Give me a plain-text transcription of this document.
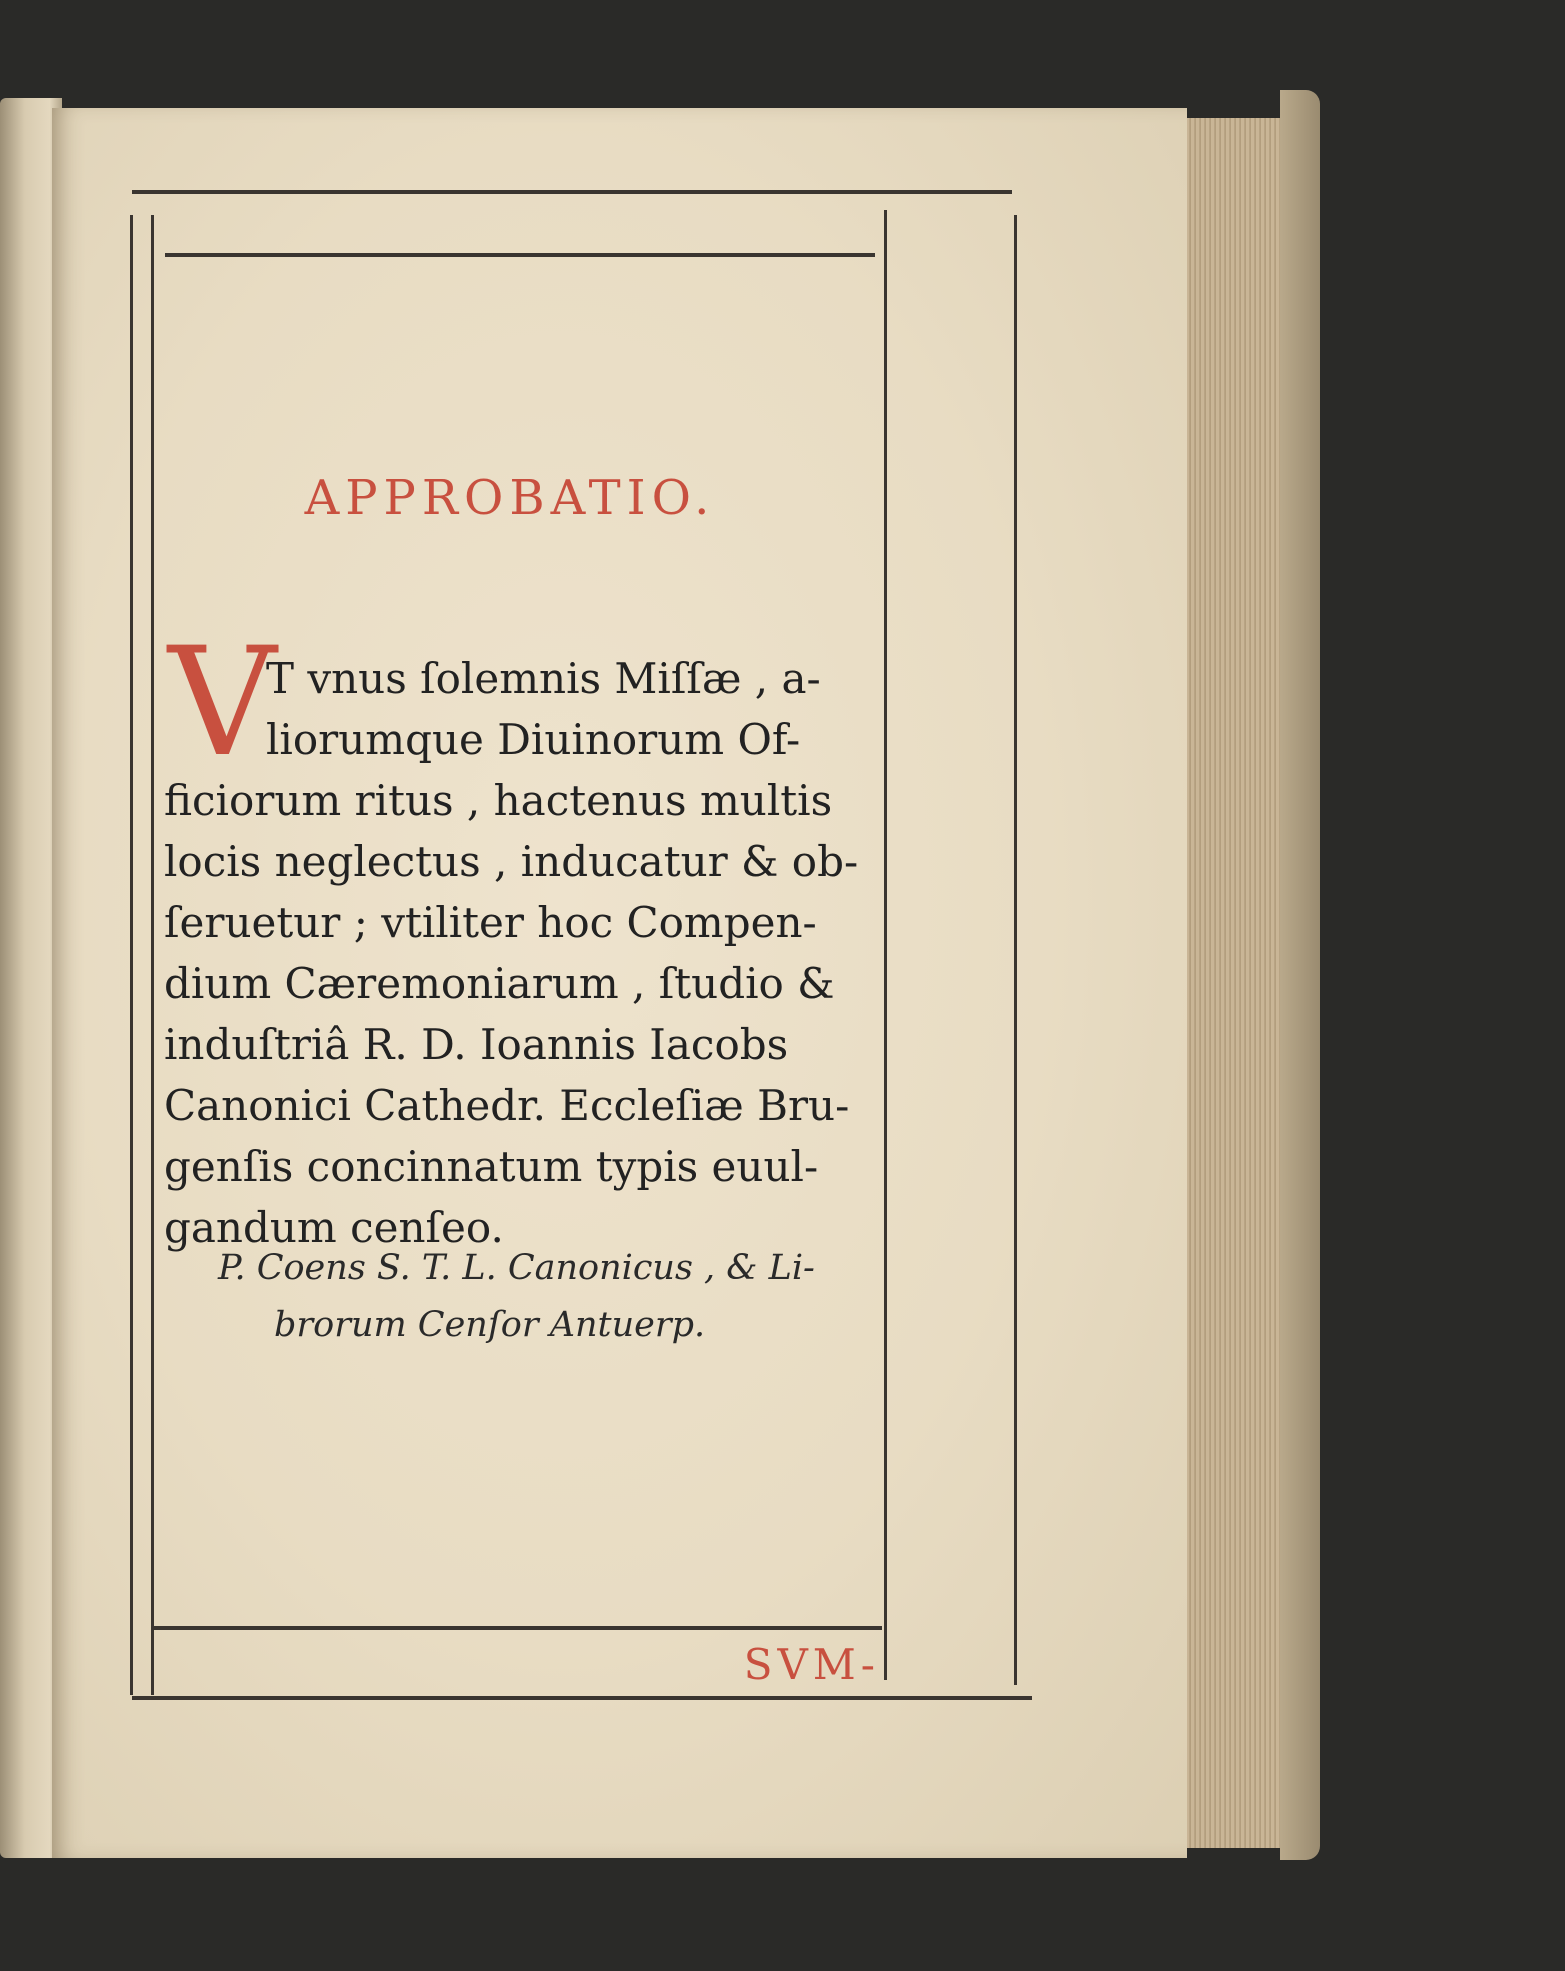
APPROBATIO.
V
T vnus ſolemnis Miſſæ , a-
liorumque Diuinorum Of-
ficiorum ritus , hactenus multis
locis neglectus , inducatur & ob-
ſeruetur ; vtiliter hoc Compen-
dium Cæremoniarum , ſtudio &
induſtriâ R. D. Ioannis Iacobs
Canonici Cathedr. Eccleſiæ Bru-
genſis concinnatum typis euul-
gandum cenſeo.
P. Coens S. T. L. Canonicus , & Li-
brorum Cenſor Antuerp.
SVM-
